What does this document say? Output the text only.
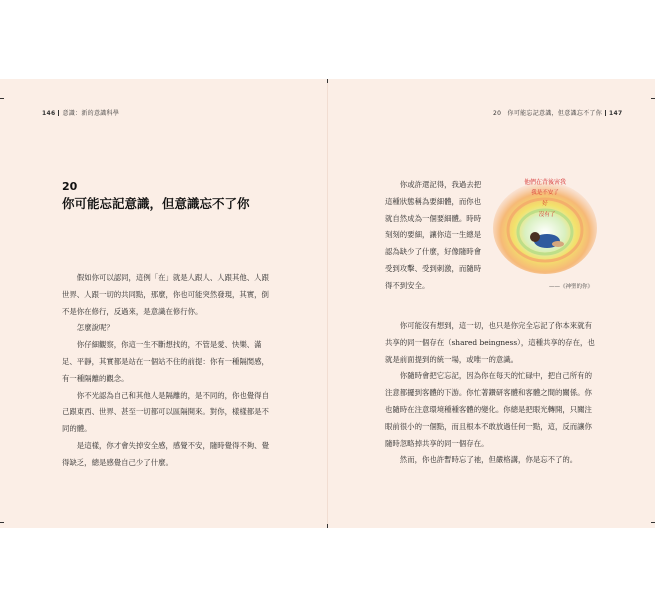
146 意識：新的意識科學	20　你可能忘記意識，但意識忘不了你 147
20
你可能忘記意識，但意識忘不了你

假如你可以認同，這例「在」就是人跟人、人跟其他、人跟世界、人跟一切的共同點，那麼，你也可能突然發現，其實，倒不是你在修行，反過來，是意識在修行你。

怎麼說呢？

你仔細觀察，你這一生不斷想找的，不管是愛、快樂、滿足、平靜，其實都是站在一個站不住的前提：你有一種隔閡感，有一種隔離的觀念。

你不光認為自己和其他人是隔離的，是不同的，你也覺得自己跟東西、世界、甚至一切都可以區隔開來。對你，樣樣都是不同的體。

是這樣，你才會失掉安全感，感覺不安，隨時覺得不夠、覺得缺乏，總是感覺自己少了什麼。

你或許還記得，我過去把這種狀態稱為要細體，而你也就自然成為一個要細體。時時刻刻的要細，讓你這一生總是認為缺少了什麼，好像隨時會受到攻擊、受到刺激，而隨時得不到安全。

他們在背後害我
我是不安了
好
沒有了
——《神聖的你》

你可能沒有想到，這一切，也只是你完全忘記了你本來就有共享的同一個存在（shared beingness），這種共享的存在，也就是前面提到的統一場，或唯一的意識。

你隨時會把它忘記，因為你在每天的忙碌中，把自己所有的注意都擺到客體的下游。你忙著鑽研客體和客體之間的關係。你也隨時在注意環境種種客體的變化。你總是把眼光轉開，只關注眼前很小的一個點，而且根本不敢放過任何一點，這，反而讓你隨時忽略掉共享的同一個存在。

然而，你也許暫時忘了祂，但嚴格講，你是忘不了的。
